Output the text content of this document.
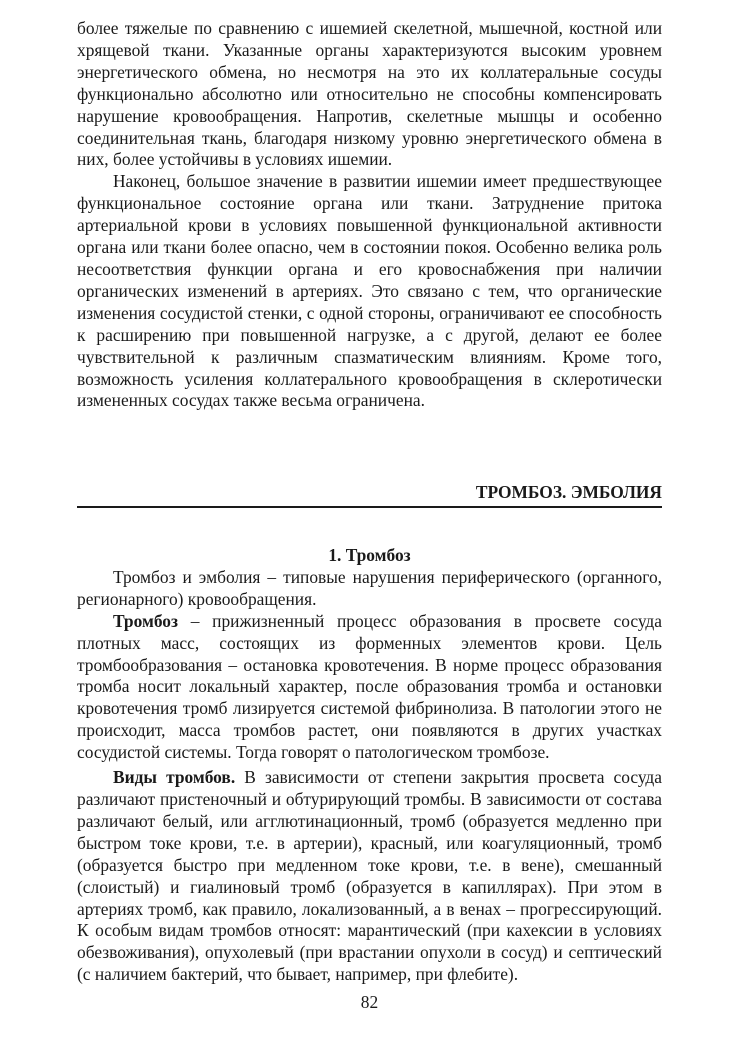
более тяжелые по сравнению с ишемией скелетной, мышечной, костной или хрящевой ткани. Указанные органы характеризуются высоким уровнем энергетического обмена, но несмотря на это их коллатеральные сосуды функционально абсолютно или относительно не способны компенсировать нарушение кровообращения. Напротив, скелетные мышцы и особенно соединительная ткань, благодаря низкому уровню энергетического обмена в них, более устойчивы в условиях ишемии.

Наконец, большое значение в развитии ишемии имеет предшествующее функциональное состояние органа или ткани. Затруднение притока артериальной крови в условиях повышенной функциональной активности органа или ткани более опасно, чем в состоянии покоя. Особенно велика роль несоответствия функции органа и его кровоснабжения при наличии органических изменений в артериях. Это связано с тем, что органические изменения сосудистой стенки, с одной стороны, ограничивают ее способность к расширению при повышенной нагрузке, а с другой, делают ее более чувствительной к различным спазматическим влияниям. Кроме того, возможность усиления коллатерального кровообращения в склеротически измененных сосудах также весьма ограничена.

ТРОМБОЗ. ЭМБОЛИЯ

1. Тромбоз

Тромбоз и эмболия – типовые нарушения периферического (органного, регионарного) кровообращения.

Тромбоз – прижизненный процесс образования в просвете сосуда плотных масс, состоящих из форменных элементов крови. Цель тромбообразования – остановка кровотечения. В норме процесс образования тромба носит локальный характер, после образования тромба и остановки кровотечения тромб лизируется системой фибринолиза. В патологии этого не происходит, масса тромбов растет, они появляются в других участках сосудистой системы. Тогда говорят о патологическом тромбозе.

Виды тромбов. В зависимости от степени закрытия просвета сосуда различают пристеночный и обтурирующий тромбы. В зависимости от состава различают белый, или агглютинационный, тромб (образуется медленно при быстром токе крови, т.е. в артерии), красный, или коагуляционный, тромб (образуется быстро при медленном токе крови, т.е. в вене), смешанный (слоистый) и гиалиновый тромб (образуется в капиллярах). При этом в артериях тромб, как правило, локализованный, а в венах – прогрессирующий. К особым видам тромбов относят: марантический (при кахексии в условиях обезвоживания), опухолевый (при врастании опухоли в сосуд) и септический (с наличием бактерий, что бывает, например, при флебите).

82
